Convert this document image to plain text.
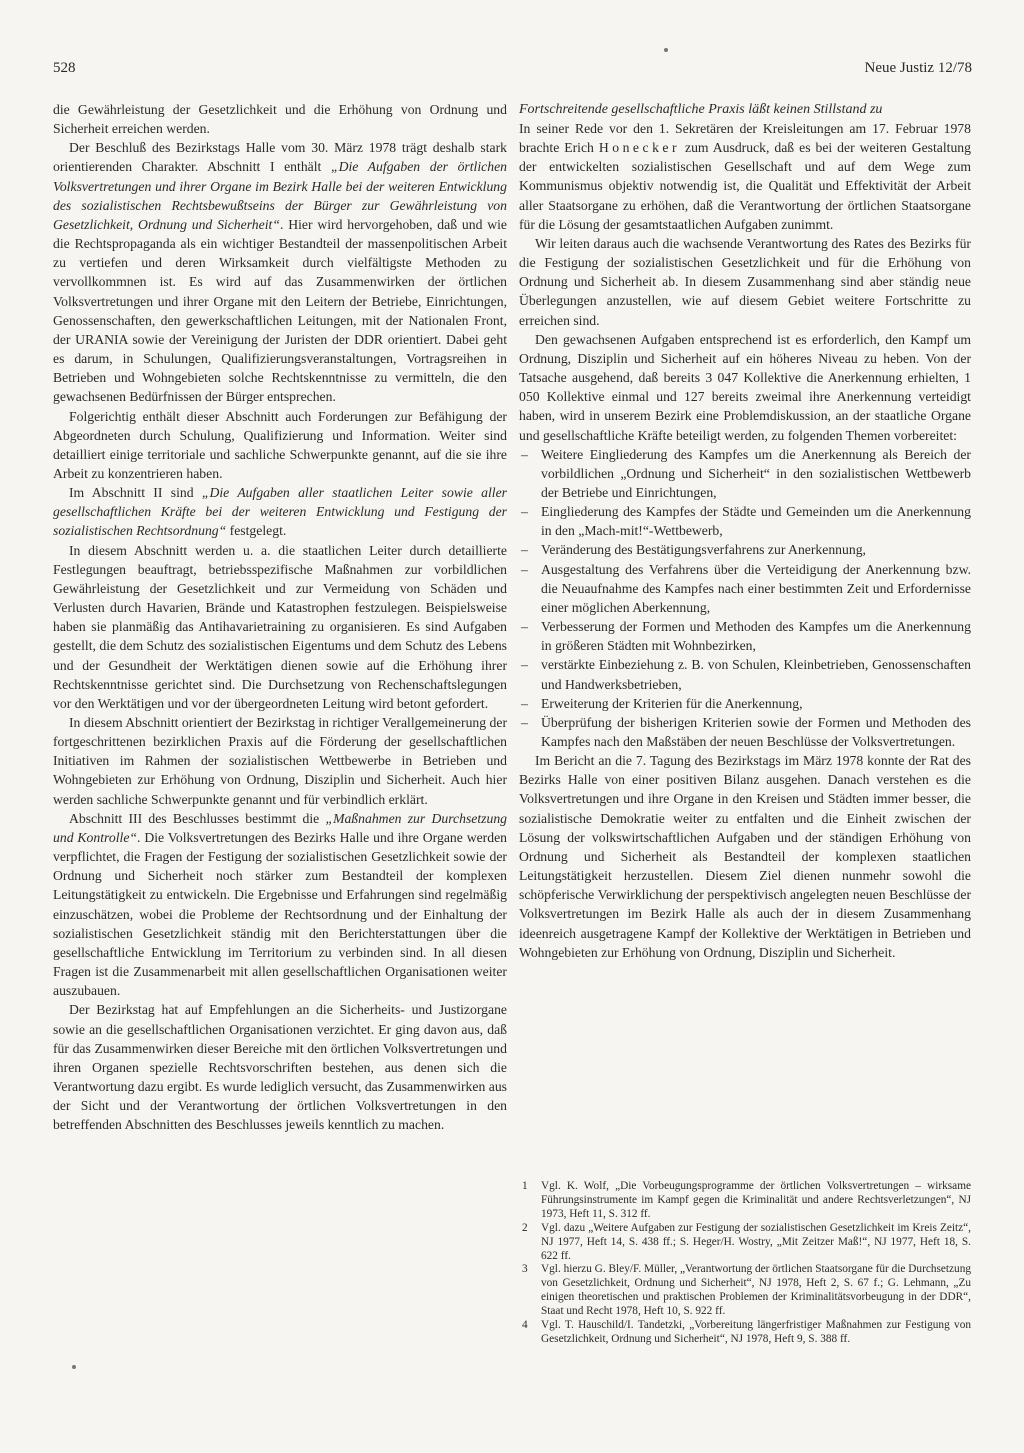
528	Neue Justiz 12/78

die Gewährleistung der Gesetzlichkeit und die Erhöhung von Ordnung und Sicherheit erreichen werden.

Der Beschluß des Bezirkstags Halle vom 30. März 1978 trägt deshalb stark orientierenden Charakter. Abschnitt I enthält „Die Aufgaben der örtlichen Volksvertretungen und ihrer Organe im Bezirk Halle bei der weiteren Entwicklung des sozialistischen Rechtsbewußtseins der Bürger zur Gewährleistung von Gesetzlichkeit, Ordnung und Sicherheit“. Hier wird hervorgehoben, daß und wie die Rechtspropaganda als ein wichtiger Bestandteil der massenpolitischen Arbeit zu vertiefen und deren Wirksamkeit durch vielfältigste Methoden zu vervollkommnen ist. Es wird auf das Zusammenwirken der örtlichen Volksvertretungen und ihrer Organe mit den Leitern der Betriebe, Einrichtungen, Genossenschaften, den gewerkschaftlichen Leitungen, mit der Nationalen Front, der URANIA sowie der Vereinigung der Juristen der DDR orientiert. Dabei geht es darum, in Schulungen, Qualifizierungsveranstaltungen, Vortragsreihen in Betrieben und Wohngebieten solche Rechtskenntnisse zu vermitteln, die den gewachsenen Bedürfnissen der Bürger entsprechen.

Folgerichtig enthält dieser Abschnitt auch Forderungen zur Befähigung der Abgeordneten durch Schulung, Qualifizierung und Information. Weiter sind detailliert einige territoriale und sachliche Schwerpunkte genannt, auf die sie ihre Arbeit zu konzentrieren haben.

Im Abschnitt II sind „Die Aufgaben aller staatlichen Leiter sowie aller gesellschaftlichen Kräfte bei der weiteren Entwicklung und Festigung der sozialistischen Rechtsordnung“ festgelegt.

In diesem Abschnitt werden u. a. die staatlichen Leiter durch detaillierte Festlegungen beauftragt, betriebsspezifische Maßnahmen zur vorbildlichen Gewährleistung der Gesetzlichkeit und zur Vermeidung von Schäden und Verlusten durch Havarien, Brände und Katastrophen festzulegen. Beispielsweise haben sie planmäßig das Antihavarietraining zu organisieren. Es sind Aufgaben gestellt, die dem Schutz des sozialistischen Eigentums und dem Schutz des Lebens und der Gesundheit der Werktätigen dienen sowie auf die Erhöhung ihrer Rechtskenntnisse gerichtet sind. Die Durchsetzung von Rechenschaftslegungen vor den Werktätigen und vor der übergeordneten Leitung wird betont gefordert.

In diesem Abschnitt orientiert der Bezirkstag in richtiger Verallgemeinerung der fortgeschrittenen bezirklichen Praxis auf die Förderung der gesellschaftlichen Initiativen im Rahmen der sozialistischen Wettbewerbe in Betrieben und Wohngebieten zur Erhöhung von Ordnung, Disziplin und Sicherheit. Auch hier werden sachliche Schwerpunkte genannt und für verbindlich erklärt.

Abschnitt III des Beschlusses bestimmt die „Maßnahmen zur Durchsetzung und Kontrolle“. Die Volksvertretungen des Bezirks Halle und ihre Organe werden verpflichtet, die Fragen der Festigung der sozialistischen Gesetzlichkeit sowie der Ordnung und Sicherheit noch stärker zum Bestandteil der komplexen Leitungstätigkeit zu entwickeln. Die Ergebnisse und Erfahrungen sind regelmäßig einzuschätzen, wobei die Probleme der Rechtsordnung und der Einhaltung der sozialistischen Gesetzlichkeit ständig mit den Berichterstattungen über die gesellschaftliche Entwicklung im Territorium zu verbinden sind. In all diesen Fragen ist die Zusammenarbeit mit allen gesellschaftlichen Organisationen weiter auszubauen.

Der Bezirkstag hat auf Empfehlungen an die Sicherheits- und Justizorgane sowie an die gesellschaftlichen Organisationen verzichtet. Er ging davon aus, daß für das Zusammenwirken dieser Bereiche mit den örtlichen Volksvertretungen und ihren Organen spezielle Rechtsvorschriften bestehen, aus denen sich die Verantwortung dazu ergibt. Es wurde lediglich versucht, das Zusammenwirken aus der Sicht und der Verantwortung der örtlichen Volksvertretungen in den betreffenden Abschnitten des Beschlusses jeweils kenntlich zu machen.

Fortschreitende gesellschaftliche Praxis läßt keinen Stillstand zu

In seiner Rede vor den 1. Sekretären der Kreisleitungen am 17. Februar 1978 brachte Erich Honecker zum Ausdruck, daß es bei der weiteren Gestaltung der entwickelten sozialistischen Gesellschaft und auf dem Wege zum Kommunismus objektiv notwendig ist, die Qualität und Effektivität der Arbeit aller Staatsorgane zu erhöhen, daß die Verantwortung der örtlichen Staatsorgane für die Lösung der gesamtstaatlichen Aufgaben zunimmt.

Wir leiten daraus auch die wachsende Verantwortung des Rates des Bezirks für die Festigung der sozialistischen Gesetzlichkeit und für die Erhöhung von Ordnung und Sicherheit ab. In diesem Zusammenhang sind aber ständig neue Überlegungen anzustellen, wie auf diesem Gebiet weitere Fortschritte zu erreichen sind.

Den gewachsenen Aufgaben entsprechend ist es erforderlich, den Kampf um Ordnung, Disziplin und Sicherheit auf ein höheres Niveau zu heben. Von der Tatsache ausgehend, daß bereits 3 047 Kollektive die Anerkennung erhielten, 1 050 Kollektive einmal und 127 bereits zweimal ihre Anerkennung verteidigt haben, wird in unserem Bezirk eine Problemdiskussion, an der staatliche Organe und gesellschaftliche Kräfte beteiligt werden, zu folgenden Themen vorbereitet:

– Weitere Eingliederung des Kampfes um die Anerkennung als Bereich der vorbildlichen „Ordnung und Sicherheit“ in den sozialistischen Wettbewerb der Betriebe und Einrichtungen,
– Eingliederung des Kampfes der Städte und Gemeinden um die Anerkennung in den „Mach-mit!“-Wettbewerb,
– Veränderung des Bestätigungsverfahrens zur Anerkennung,
– Ausgestaltung des Verfahrens über die Verteidigung der Anerkennung bzw. die Neuaufnahme des Kampfes nach einer bestimmten Zeit und Erfordernisse einer möglichen Aberkennung,
– Verbesserung der Formen und Methoden des Kampfes um die Anerkennung in größeren Städten mit Wohnbezirken,
– verstärkte Einbeziehung z. B. von Schulen, Kleinbetrieben, Genossenschaften und Handwerksbetrieben,
– Erweiterung der Kriterien für die Anerkennung,
– Überprüfung der bisherigen Kriterien sowie der Formen und Methoden des Kampfes nach den Maßstäben der neuen Beschlüsse der Volksvertretungen.

Im Bericht an die 7. Tagung des Bezirkstags im März 1978 konnte der Rat des Bezirks Halle von einer positiven Bilanz ausgehen. Danach verstehen es die Volksvertretungen und ihre Organe in den Kreisen und Städten immer besser, die sozialistische Demokratie weiter zu entfalten und die Einheit zwischen der Lösung der volkswirtschaftlichen Aufgaben und der ständigen Erhöhung von Ordnung und Sicherheit als Bestandteil der komplexen staatlichen Leitungstätigkeit herzustellen. Diesem Ziel dienen nunmehr sowohl die schöpferische Verwirklichung der perspektivisch angelegten neuen Beschlüsse der Volksvertretungen im Bezirk Halle als auch der in diesem Zusammenhang ideenreich ausgetragene Kampf der Kollektive der Werktätigen in Betrieben und Wohngebieten zur Erhöhung von Ordnung, Disziplin und Sicherheit.

1 Vgl. K. Wolf, „Die Vorbeugungsprogramme der örtlichen Volksvertretungen – wirksame Führungsinstrumente im Kampf gegen die Kriminalität und andere Rechtsverletzungen“, NJ 1973, Heft 11, S. 312 ff.

2 Vgl. dazu „Weitere Aufgaben zur Festigung der sozialistischen Gesetzlichkeit im Kreis Zeitz“, NJ 1977, Heft 14, S. 438 ff.; S. Heger/H. Wostry, „Mit Zeitzer Maß!“, NJ 1977, Heft 18, S. 622 ff.

3 Vgl. hierzu G. Bley/F. Müller, „Verantwortung der örtlichen Staatsorgane für die Durchsetzung von Gesetzlichkeit, Ordnung und Sicherheit“, NJ 1978, Heft 2, S. 67 f.; G. Lehmann, „Zu einigen theoretischen und praktischen Problemen der Kriminalitätsvorbeugung in der DDR“, Staat und Recht 1978, Heft 10, S. 922 ff.

4 Vgl. T. Hauschild/I. Tandetzki, „Vorbereitung längerfristiger Maßnahmen zur Festigung von Gesetzlichkeit, Ordnung und Sicherheit“, NJ 1978, Heft 9, S. 388 ff.
